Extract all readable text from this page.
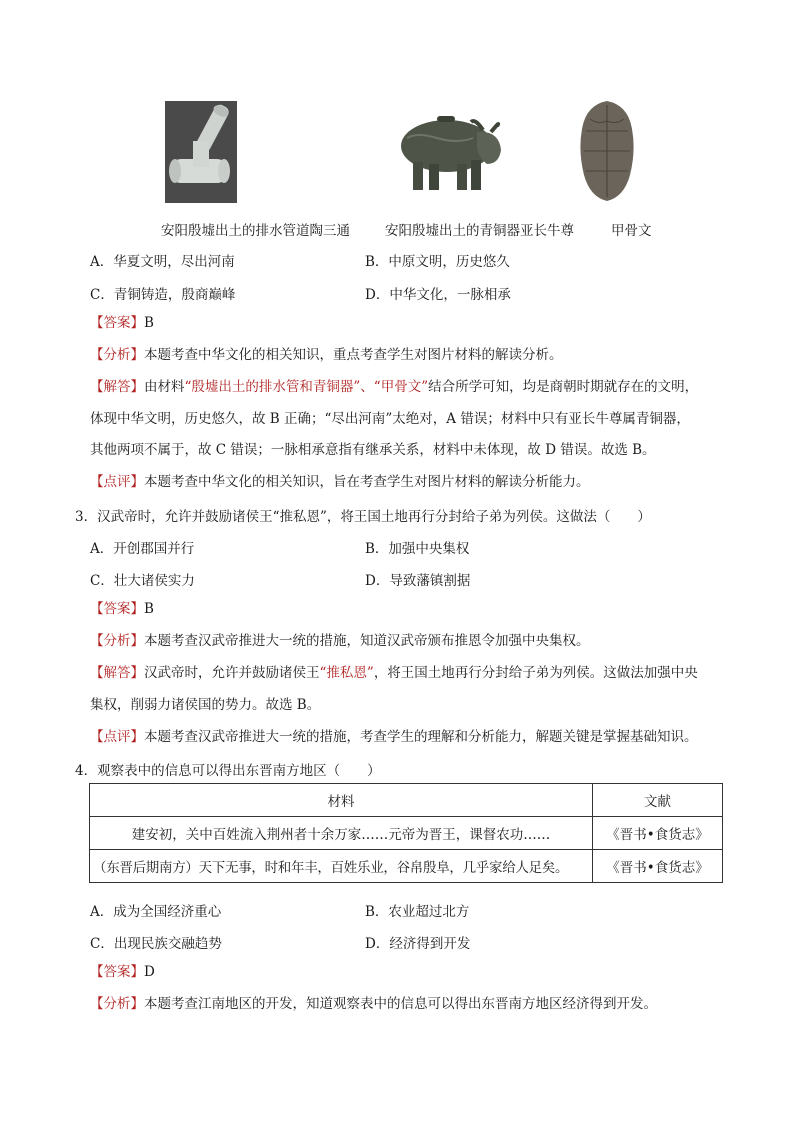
安阳殷墟出土的排水管道陶三通	安阳殷墟出土的青铜器亚长牛尊	甲骨文
A．华夏文明，尽出河南	B．中原文明，历史悠久
C．青铜铸造，殷商巅峰	D．中华文化，一脉相承
【答案】B
【分析】本题考查中华文化的相关知识，重点考查学生对图片材料的解读分析。
【解答】由材料“殷墟出土的排水管和青铜器”、“甲骨文”结合所学可知，均是商朝时期就存在的文明，
体现中华文明，历史悠久，故 B 正确；“尽出河南”太绝对，A 错误；材料中只有亚长牛尊属青铜器，
其他两项不属于，故 C 错误；一脉相承意指有继承关系，材料中未体现，故 D 错误。故选 B。
【点评】本题考查中华文化的相关知识，旨在考查学生对图片材料的解读分析能力。
3．汉武帝时，允许并鼓励诸侯王“推私恩”，将王国土地再行分封给子弟为列侯。这做法（　　）
A．开创郡国并行	B．加强中央集权
C．壮大诸侯实力	D．导致藩镇割据
【答案】B
【分析】本题考查汉武帝推进大一统的措施，知道汉武帝颁布推恩令加强中央集权。
【解答】汉武帝时，允许并鼓励诸侯王“推私恩”，将王国土地再行分封给子弟为列侯。这做法加强中央
集权，削弱力诸侯国的势力。故选 B。
【点评】本题考查汉武帝推进大一统的措施，考查学生的理解和分析能力，解题关键是掌握基础知识。
4．观察表中的信息可以得出东晋南方地区（　　）
材料	文献
建安初，关中百姓流入荆州者十余万家……元帝为晋王，课督农功……	《晋书•食货志》
（东晋后期南方）天下无事，时和年丰，百姓乐业，谷帛殷阜，几乎家给人足矣。	《晋书•食货志》
A．成为全国经济重心	B．农业超过北方
C．出现民族交融趋势	D．经济得到开发
【答案】D
【分析】本题考查江南地区的开发，知道观察表中的信息可以得出东晋南方地区经济得到开发。
